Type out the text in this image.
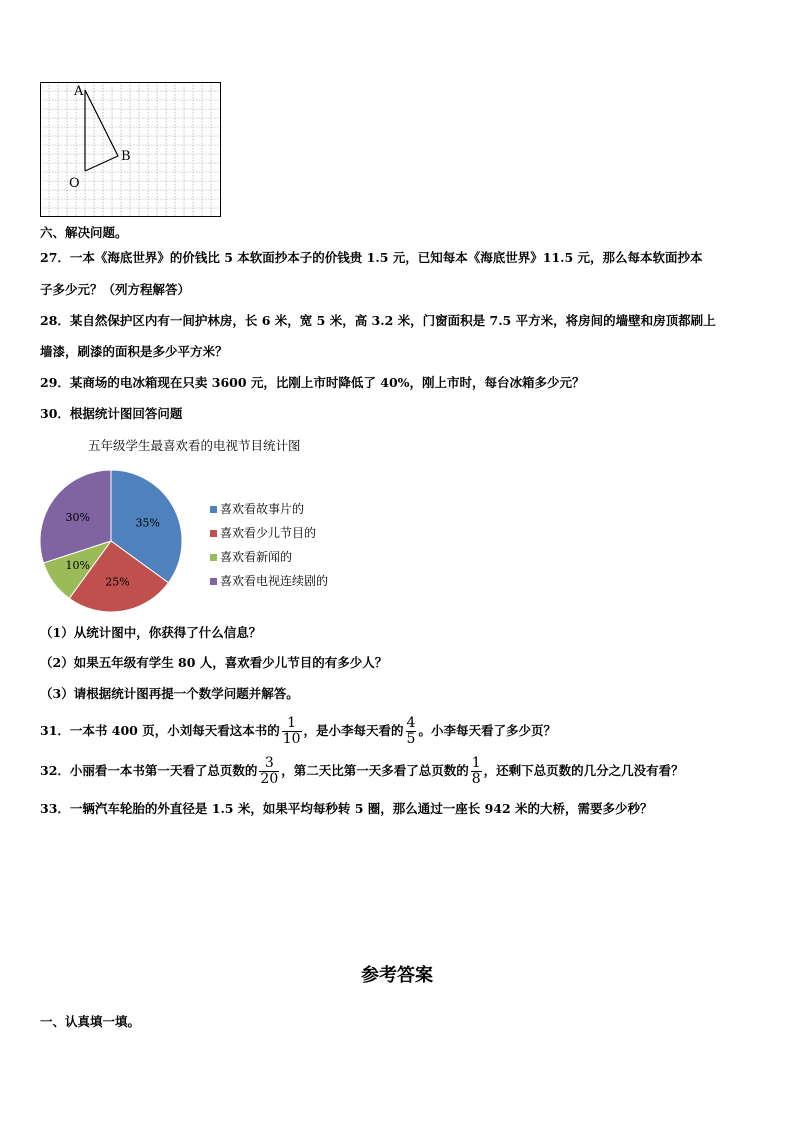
A
B
O
六、解决问题。
27．一本《海底世界》的价钱比 5 本软面抄本子的价钱贵 1.5 元，已知每本《海底世界》11.5 元，那么每本软面抄本
子多少元？（列方程解答）
28．某自然保护区内有一间护林房，长 6 米，宽 5 米，高 3.2 米，门窗面积是 7.5 平方米，将房间的墙壁和房顶都刷上
墙漆，刷漆的面积是多少平方米？
29．某商场的电冰箱现在只卖 3600 元，比刚上市时降低了 40%，刚上市时，每台冰箱多少元？
30．根据统计图回答问题
五年级学生最喜欢看的电视节目统计图
35%
25%
10%
30%
喜欢看故事片的
喜欢看少儿节目的
喜欢看新闻的
喜欢看电视连续剧的
（1）从统计图中，你获得了什么信息？
（2）如果五年级有学生 80 人，喜欢看少儿节目的有多少人？
（3）请根据统计图再提一个数学问题并解答。
31．一本书 400 页，小刘每天看这本书的 $\frac{1}{10}$ ，是小李每天看的 $\frac{4}{5}$ 。小李每天看了多少页？
32．小丽看一本书第一天看了总页数的 $\frac{3}{20}$ ，第二天比第一天多看了总页数的 $\frac{1}{8}$ ，还剩下总页数的几分之几没有看？
33．一辆汽车轮胎的外直径是 1.5 米，如果平均每秒转 5 圈，那么通过一座长 942 米的大桥，需要多少秒？
参考答案
一、认真填一填。
